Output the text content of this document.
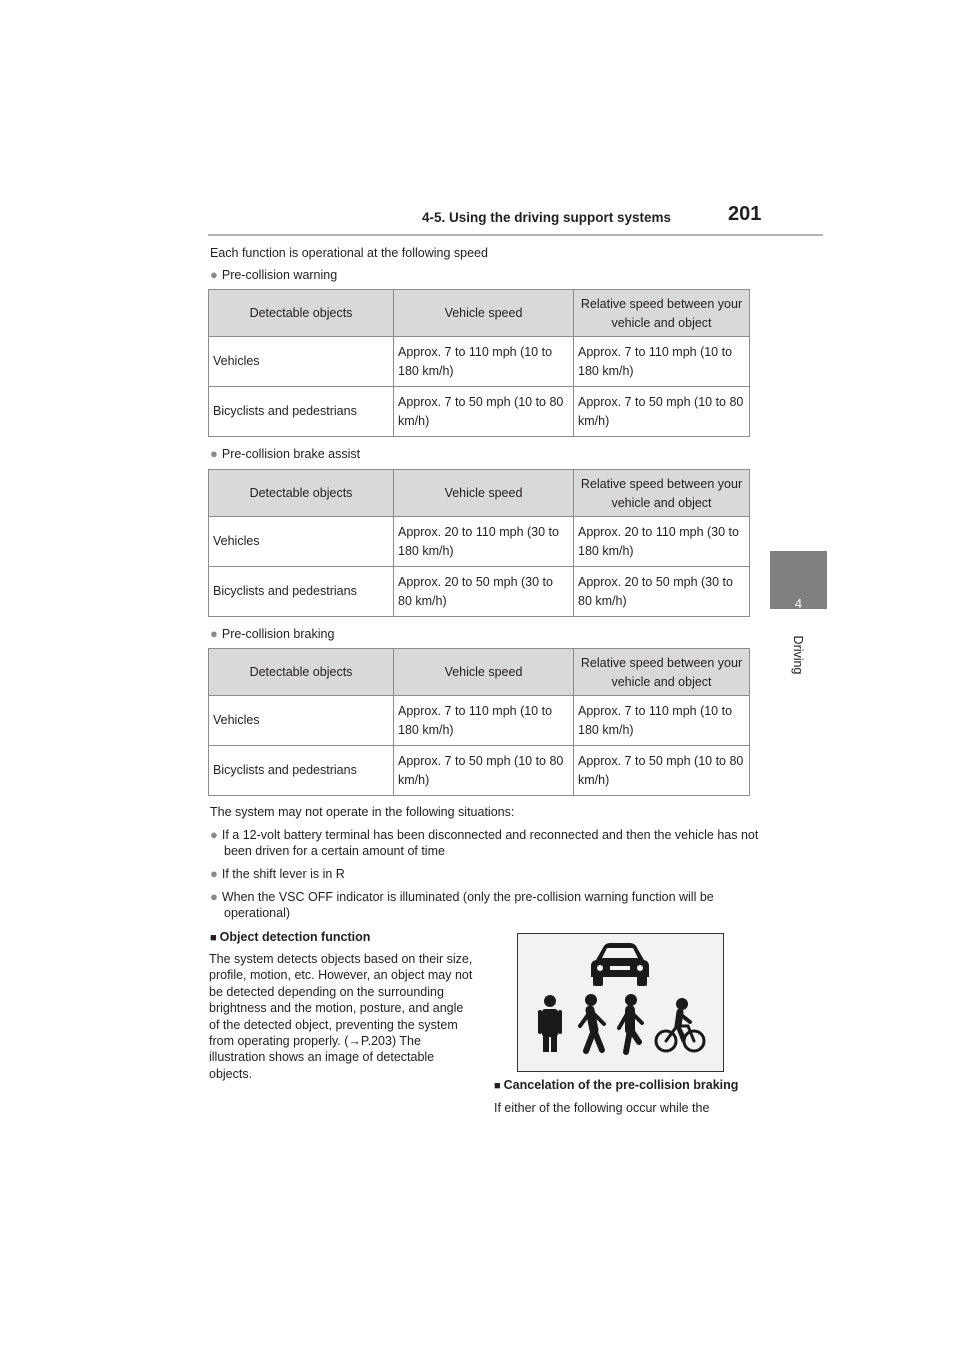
4-5. Using the driving support systems	201
4
Driving
Each function is operational at the following speed
● Pre-collision warning
Detectable objects	Vehicle speed	Relative speed between your vehicle and object
Vehicles	Approx. 7 to 110 mph (10 to 180 km/h)	Approx. 7 to 110 mph (10 to 180 km/h)
Bicyclists and pedestrians	Approx. 7 to 50 mph (10 to 80 km/h)	Approx. 7 to 50 mph (10 to 80 km/h)
● Pre-collision brake assist
Detectable objects	Vehicle speed	Relative speed between your vehicle and object
Vehicles	Approx. 20 to 110 mph (30 to 180 km/h)	Approx. 20 to 110 mph (30 to 180 km/h)
Bicyclists and pedestrians	Approx. 20 to 50 mph (30 to 80 km/h)	Approx. 20 to 50 mph (30 to 80 km/h)
● Pre-collision braking
Detectable objects	Vehicle speed	Relative speed between your vehicle and object
Vehicles	Approx. 7 to 110 mph (10 to 180 km/h)	Approx. 7 to 110 mph (10 to 180 km/h)
Bicyclists and pedestrians	Approx. 7 to 50 mph (10 to 80 km/h)	Approx. 7 to 50 mph (10 to 80 km/h)
The system may not operate in the following situations:
● If a 12-volt battery terminal has been disconnected and reconnected and then the vehicle has not been driven for a certain amount of time
● If the shift lever is in R
● When the VSC OFF indicator is illuminated (only the pre-collision warning function will be operational)
■ Object detection function
The system detects objects based on their size, profile, motion, etc. However, an object may not be detected depending on the surrounding brightness and the motion, posture, and angle of the detected object, preventing the system from operating properly. (→P.203) The illustration shows an image of detectable objects.
■ Cancelation of the pre-collision braking
If either of the following occur while the
